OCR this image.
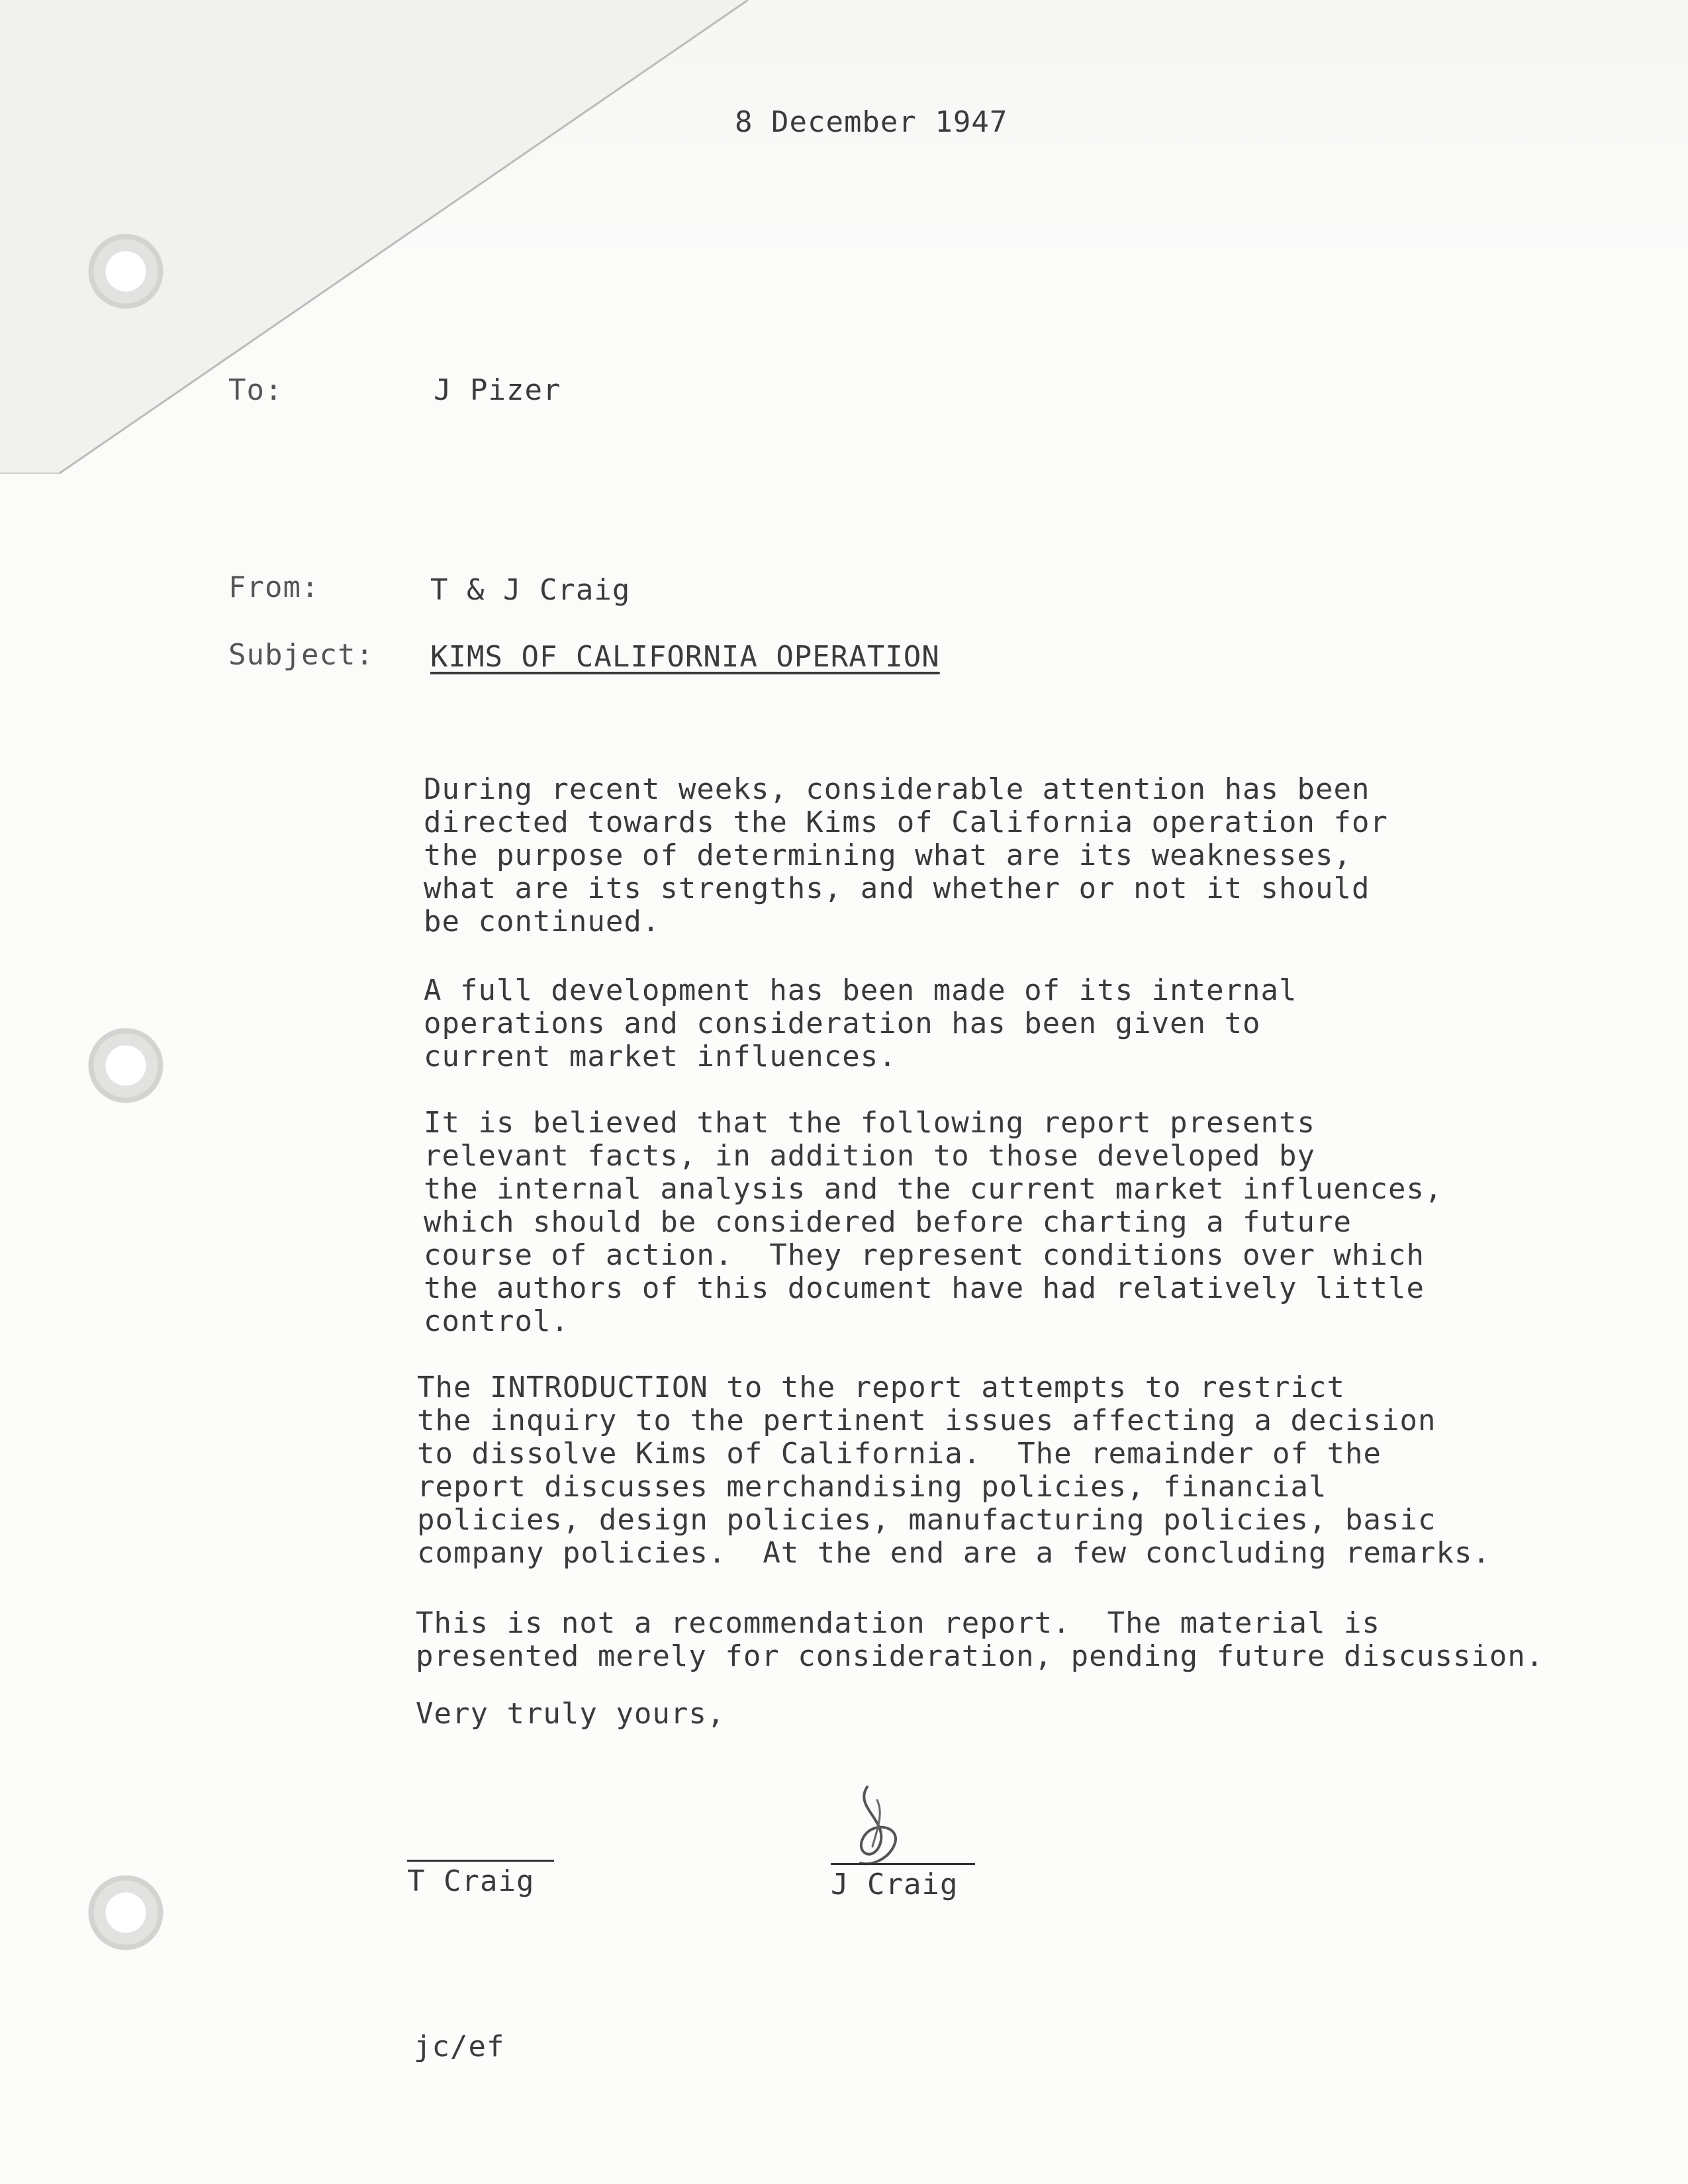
8 December 1947
To:	J Pizer
From:	T & J Craig
Subject: KIMS OF CALIFORNIA OPERATION
During recent weeks, considerable attention has been
directed towards the Kims of California operation for
the purpose of determining what are its weaknesses,
what are its strengths, and whether or not it should
be continued.
A full development has been made of its internal
operations and consideration has been given to
current market influences.
It is believed that the following report presents
relevant facts, in addition to those developed by
the internal analysis and the current market influences,
which should be considered before charting a future
course of action.  They represent conditions over which
the authors of this document have had relatively little
control.
The INTRODUCTION to the report attempts to restrict
the inquiry to the pertinent issues affecting a decision
to dissolve Kims of California.  The remainder of the
report discusses merchandising policies, financial
policies, design policies, manufacturing policies, basic
company policies.  At the end are a few concluding remarks.
This is not a recommendation report.  The material is
presented merely for consideration, pending future discussion.
Very truly yours,
T Craig	J Craig
jc/ef
